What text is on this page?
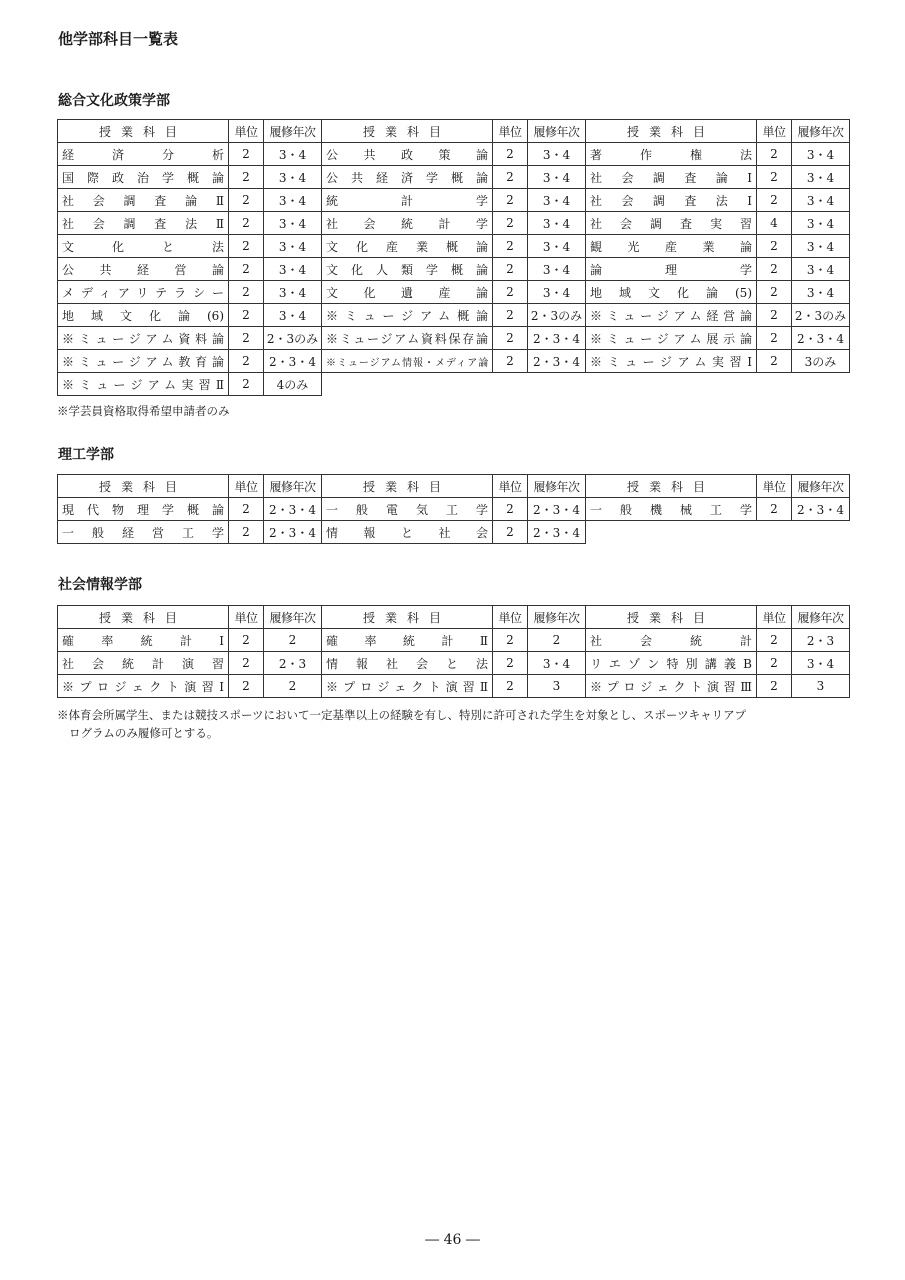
他学部科目一覧表
総合文化政策学部
授業科目	単位	履修年次	授業科目	単位	履修年次	授業科目	単位	履修年次
経済分析	2	3・4	公共政策論	2	3・4	著作権法	2	3・4
国際政治学概論	2	3・4	公共経済学概論	2	3・4	社会調査論Ⅰ	2	3・4
社会調査論Ⅱ	2	3・4	統計学	2	3・4	社会調査法Ⅰ	2	3・4
社会調査法Ⅱ	2	3・4	社会統計学	2	3・4	社会調査実習	4	3・4
文化と法	2	3・4	文化産業概論	2	3・4	観光産業論	2	3・4
公共経営論	2	3・4	文化人類学概論	2	3・4	論理学	2	3・4
メディアリテラシー	2	3・4	文化遺産論	2	3・4	地域文化論(5)	2	3・4
地域文化論(6)	2	3・4	※ミュージアム概論	2	2・3のみ	※ミュージアム経営論	2	2・3のみ
※ミュージアム資料論	2	2・3のみ	※ミュージアム資料保存論	2	2・3・4	※ミュージアム展示論	2	2・3・4
※ミュージアム教育論	2	2・3・4	※ミュージアム情報・メディア論	2	2・3・4	※ミュージアム実習Ⅰ	2	3のみ
※ミュージアム実習Ⅱ	2	4のみ						
※学芸員資格取得希望申請者のみ
理工学部
授業科目	単位	履修年次	授業科目	単位	履修年次	授業科目	単位	履修年次
現代物理学概論	2	2・3・4	一般電気工学	2	2・3・4	一般機械工学	2	2・3・4
一般経営工学	2	2・3・4	情報と社会	2	2・3・4			
社会情報学部
授業科目	単位	履修年次	授業科目	単位	履修年次	授業科目	単位	履修年次
確率統計Ⅰ	2	2	確率統計Ⅱ	2	2	社会統計	2	2・3
社会統計演習	2	2・3	情報社会と法	2	3・4	リエゾン特別講義B	2	3・4
※プロジェクト演習Ⅰ	2	2	※プロジェクト演習Ⅱ	2	3	※プロジェクト演習Ⅲ	2	3
※体育会所属学生、または競技スポーツにおいて一定基準以上の経験を有し、特別に許可された学生を対象とし、スポーツキャリアプ
ログラムのみ履修可とする。
― 46 ―
